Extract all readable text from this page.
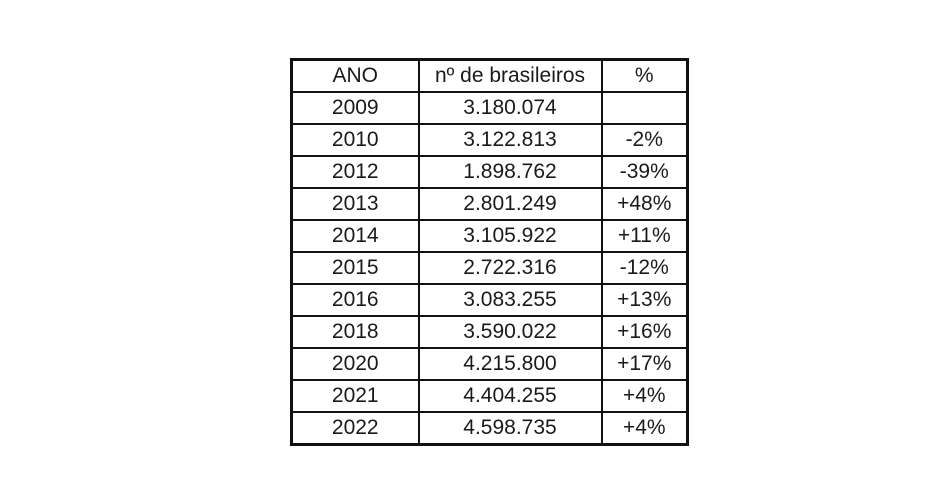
ANO	nº de brasileiros	%
2009	3.180.074	
2010	3.122.813	-2%
2012	1.898.762	-39%
2013	2.801.249	+48%
2014	3.105.922	+11%
2015	2.722.316	-12%
2016	3.083.255	+13%
2018	3.590.022	+16%
2020	4.215.800	+17%
2021	4.404.255	+4%
2022	4.598.735	+4%
